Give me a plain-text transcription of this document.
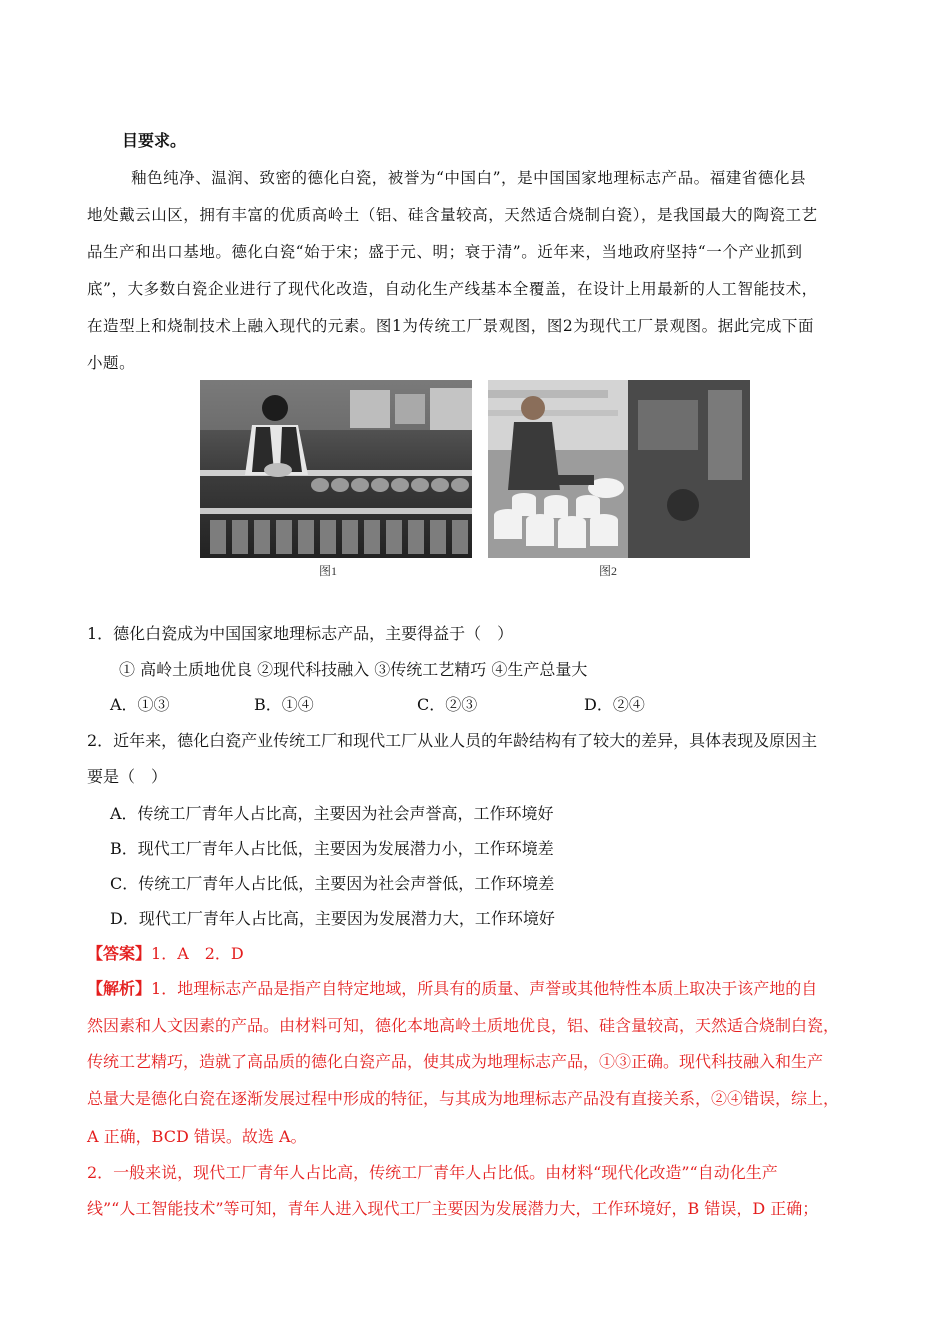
目要求。
釉色纯净、温润、致密的德化白瓷，被誉为“中国白”，是中国国家地理标志产品。福建省德化县
地处戴云山区，拥有丰富的优质高岭土（铝、硅含量较高，天然适合烧制白瓷），是我国最大的陶瓷工艺
品生产和出口基地。德化白瓷“始于宋；盛于元、明；衰于清”。近年来，当地政府坚持“一个产业抓到
底”，大多数白瓷企业进行了现代化改造，自动化生产线基本全覆盖，在设计上用最新的人工智能技术，
在造型上和烧制技术上融入现代的元素。图1为传统工厂景观图，图2为现代工厂景观图。据此完成下面
小题。
图1	图2
1．德化白瓷成为中国国家地理标志产品，主要得益于（　）
① 高岭土质地优良 ②现代科技融入 ③传统工艺精巧 ④生产总量大
A．①③	B．①④	C．②③	D．②④
2．近年来，德化白瓷产业传统工厂和现代工厂从业人员的年龄结构有了较大的差异，具体表现及原因主
要是（　）
A．传统工厂青年人占比高，主要因为社会声誉高，工作环境好
B．现代工厂青年人占比低，主要因为发展潜力小，工作环境差
C．传统工厂青年人占比低，主要因为社会声誉低，工作环境差
D．现代工厂青年人占比高，主要因为发展潜力大，工作环境好
【答案】1．A　2．D
【解析】1．地理标志产品是指产自特定地域，所具有的质量、声誉或其他特性本质上取决于该产地的自
然因素和人文因素的产品。由材料可知，德化本地高岭土质地优良，铝、硅含量较高，天然适合烧制白瓷，
传统工艺精巧，造就了高品质的德化白瓷产品，使其成为地理标志产品，①③正确。现代科技融入和生产
总量大是德化白瓷在逐渐发展过程中形成的特征，与其成为地理标志产品没有直接关系，②④错误，综上，
A 正确，BCD 错误。故选 A。
2．一般来说，现代工厂青年人占比高，传统工厂青年人占比低。由材料“现代化改造”“自动化生产
线”“人工智能技术”等可知，青年人进入现代工厂主要因为发展潜力大，工作环境好，B 错误，D 正确；
